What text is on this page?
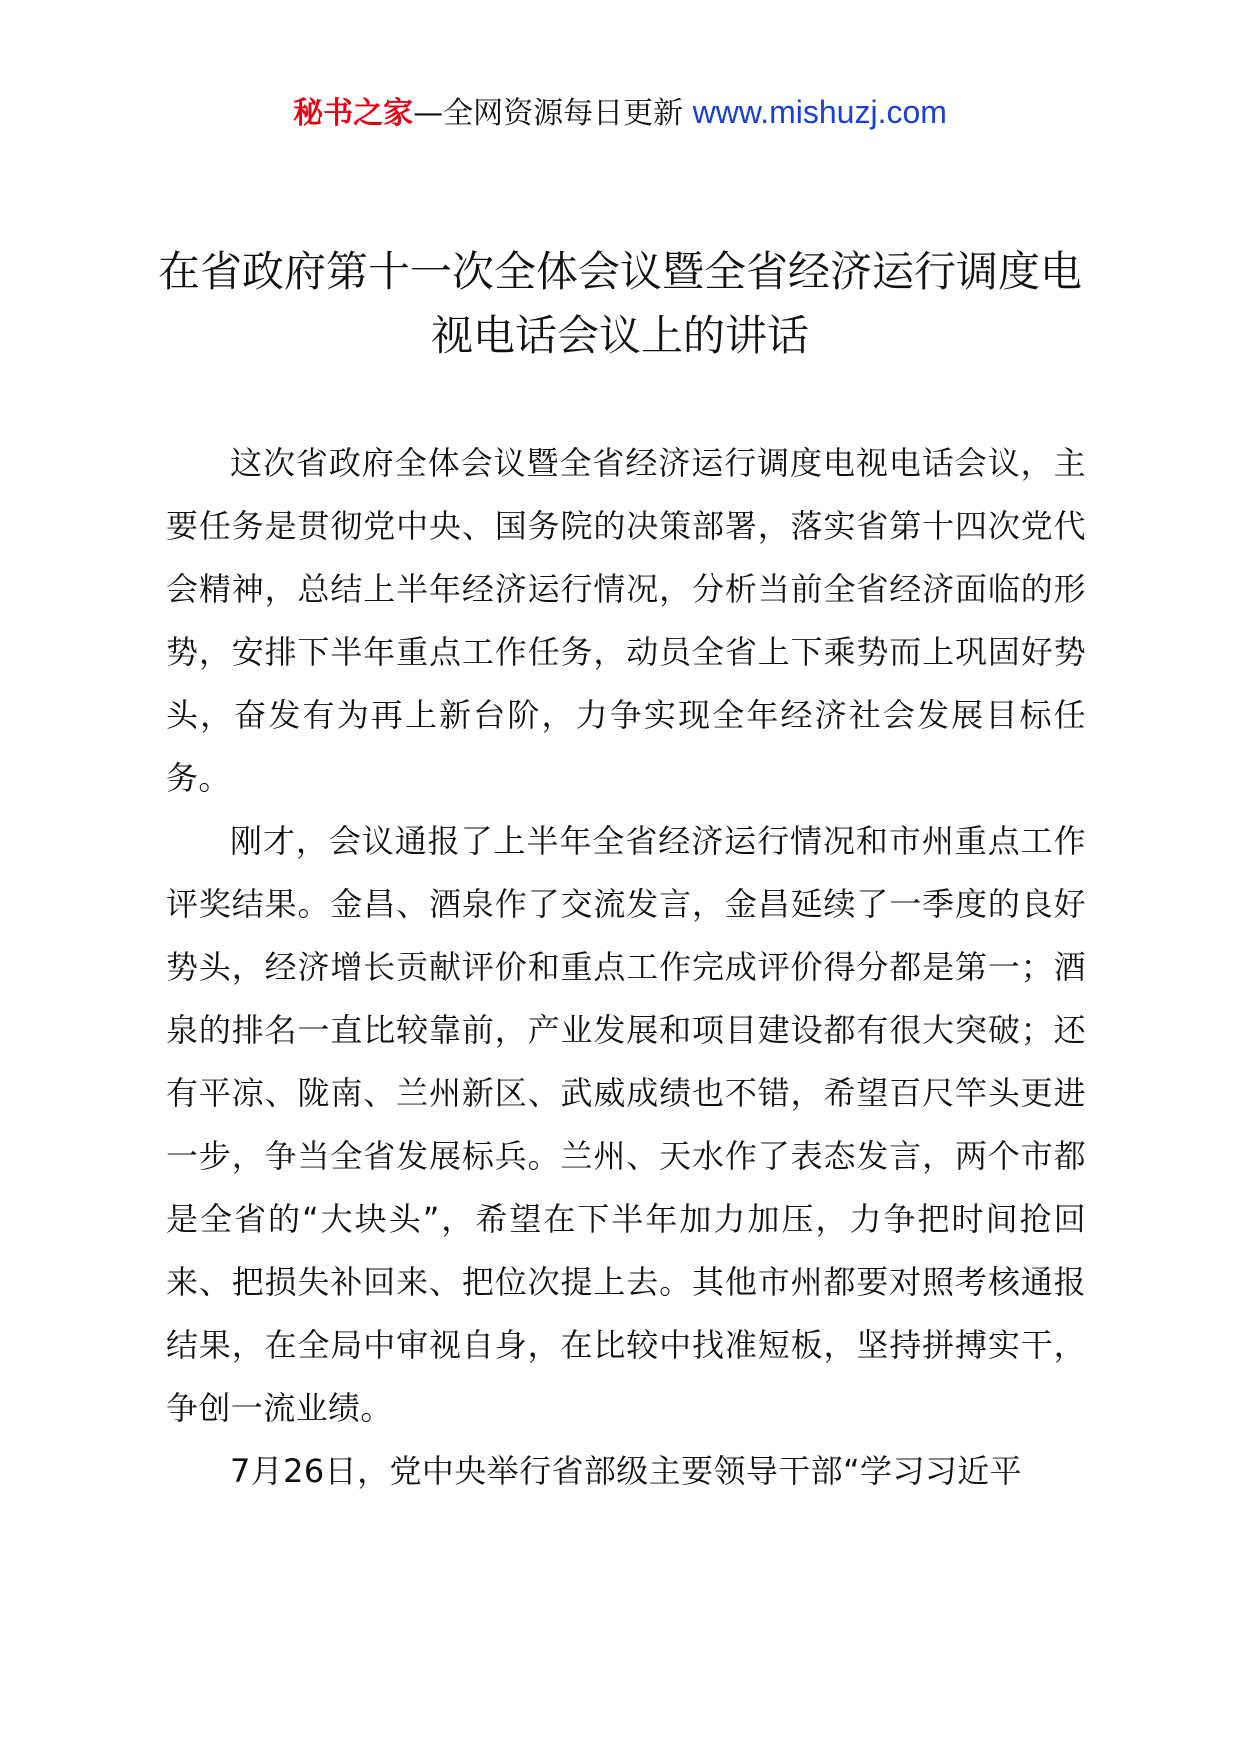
秘书之家—全网资源每日更新 www.mishuzj.com
在省政府第十一次全体会议暨全省经济运行调度电视电话会议上的讲话

这次省政府全体会议暨全省经济运行调度电视电话会议，主要任务是贯彻党中央、国务院的决策部署，落实省第十四次党代会精神，总结上半年经济运行情况，分析当前全省经济面临的形势，安排下半年重点工作任务，动员全省上下乘势而上巩固好势头，奋发有为再上新台阶，力争实现全年经济社会发展目标任务。

刚才，会议通报了上半年全省经济运行情况和市州重点工作评奖结果。金昌、酒泉作了交流发言，金昌延续了一季度的良好势头，经济增长贡献评价和重点工作完成评价得分都是第一；酒泉的排名一直比较靠前，产业发展和项目建设都有很大突破；还有平凉、陇南、兰州新区、武威成绩也不错，希望百尺竿头更进一步，争当全省发展标兵。兰州、天水作了表态发言，两个市都是全省的“大块头”，希望在下半年加力加压，力争把时间抢回来、把损失补回来、把位次提上去。其他市州都要对照考核通报结果，在全局中审视自身，在比较中找准短板，坚持拼搏实干，争创一流业绩。

7月26日，党中央举行省部级主要领导干部“学习习近平
